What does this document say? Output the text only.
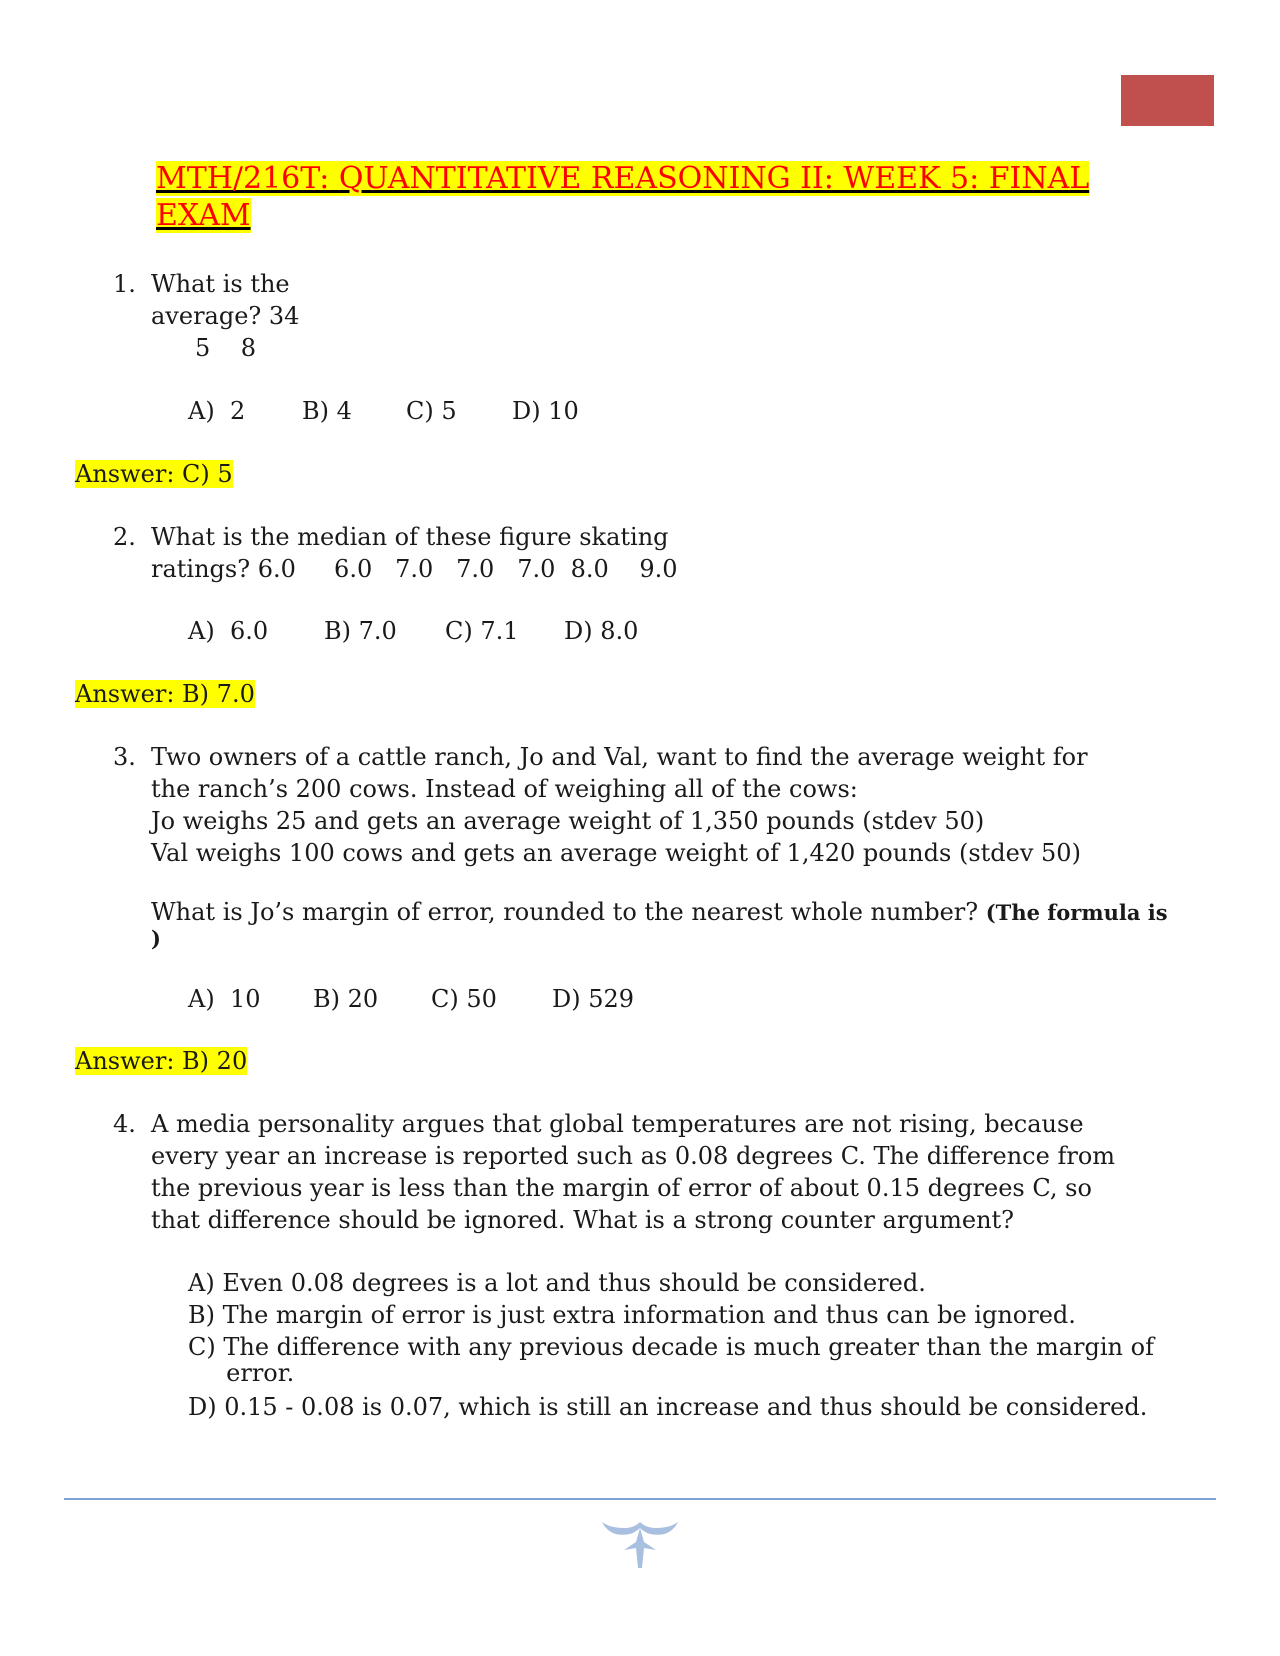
MTH/216T: QUANTITATIVE REASONING II: WEEK 5: FINAL
EXAM
1. What is the
average? 34
5    8
A)  2 B) 4 C) 5 D) 10
Answer: C) 5
2. What is the median of these figure skating
ratings? 6.0     6.0   7.0   7.0   7.0  8.0    9.0
A)  6.0 B) 7.0 C) 7.1 D) 8.0
Answer: B) 7.0
3. Two owners of a cattle ranch, Jo and Val, want to find the average weight for
the ranch’s 200 cows. Instead of weighing all of the cows:
Jo weighs 25 and gets an average weight of 1,350 pounds (stdev 50)
Val weighs 100 cows and gets an average weight of 1,420 pounds (stdev 50)
What is Jo’s margin of error, rounded to the nearest whole number? (The formula is
)
A)  10 B) 20 C) 50 D) 529
Answer: B) 20
4. A media personality argues that global temperatures are not rising, because
every year an increase is reported such as 0.08 degrees C. The difference from
the previous year is less than the margin of error of about 0.15 degrees C, so
that difference should be ignored. What is a strong counter argument?
A) Even 0.08 degrees is a lot and thus should be considered.
B) The margin of error is just extra information and thus can be ignored.
C) The difference with any previous decade is much greater than the margin of
error.
D) 0.15 - 0.08 is 0.07, which is still an increase and thus should be considered.
